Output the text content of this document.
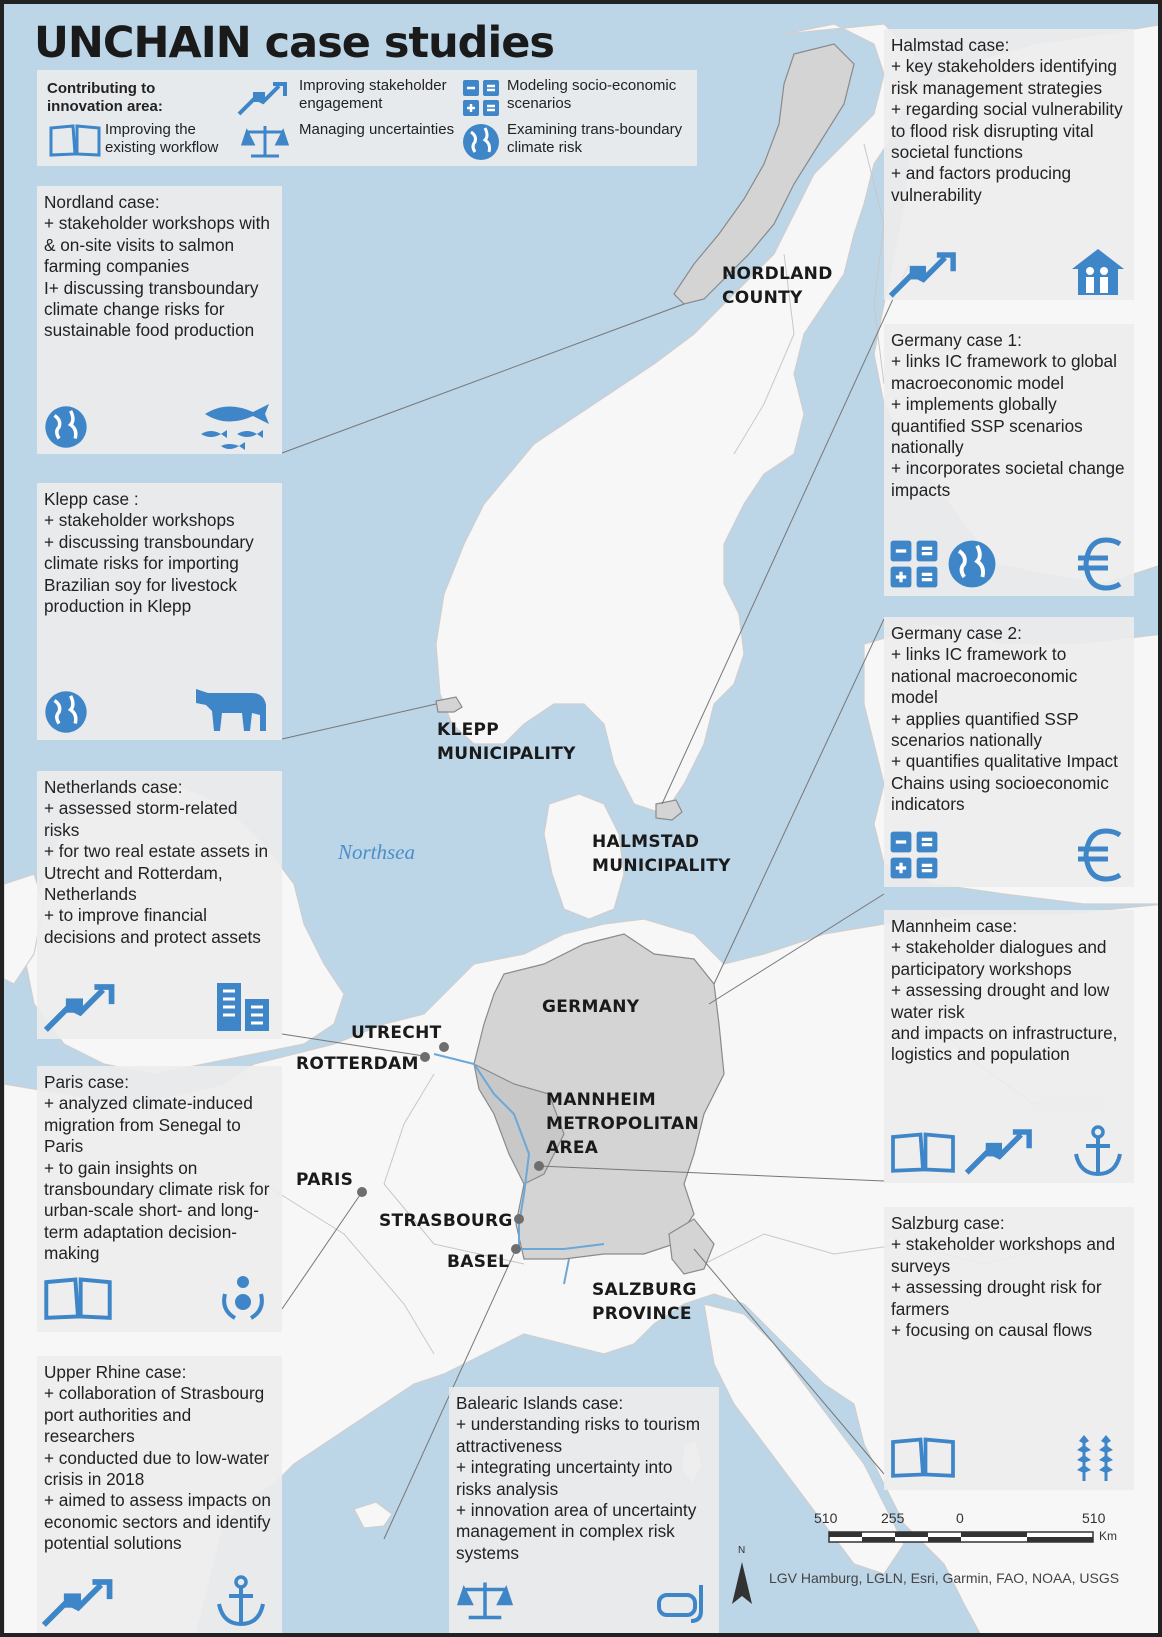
UNCHAIN case studies
Contributing to innovation area:
Improving the existing workflow
Improving stakeholder engagement
Managing uncertainties
Modeling socio-economic scenarios
Examining trans-boundary climate risk
Nordland case:
+ stakeholder workshops with & on-site visits to salmon farming companies
I+ discussing transboundary climate change risks for sustainable food production
Klepp case :
+ stakeholder workshops
+ discussing transboundary climate risks for importing Brazilian soy for livestock production in Klepp
Netherlands case:
+ assessed storm-related risks
+ for two real estate assets in Utrecht and Rotterdam, Netherlands
+ to improve financial decisions and protect assets
Paris case:
+ analyzed climate-induced migration from Senegal to Paris
+ to gain insights on transboundary climate risk for urban-scale short- and long-term adaptation decision-making
Upper Rhine case:
+ collaboration of Strasbourg port authorities and researchers
+ conducted due to low-water crisis in 2018
+ aimed to assess impacts on economic sectors and identify potential solutions
Balearic Islands case:
+ understanding risks to tourism attractiveness
+ integrating uncertainty into risks analysis
+ innovation area of uncertainty management in complex risk systems
Halmstad case:
+ key stakeholders identifying risk management strategies
+ regarding social vulnerability to flood risk disrupting vital societal functions
+ and factors producing vulnerability
Germany case 1:
+ links IC framework to global macroeconomic model
+ implements globally quantified SSP scenarios nationally
+ incorporates societal change impacts
Germany case 2:
+ links IC framework to national macroeconomic model
+ applies quantified SSP scenarios nationally
+ quantifies qualitative Impact Chains using socioeconomic indicators
Mannheim case:
+ stakeholder dialogues and participatory workshops
+ assessing drought and low water risk
and impacts on infrastructure, logistics and population
Salzburg case:
+ stakeholder workshops and surveys
+ assessing drought risk for farmers
+ focusing on causal flows
NORDLAND
COUNTY
KLEPP
MUNICIPALITY
HALMSTAD
MUNICIPALITY
GERMANY
UTRECHT
ROTTERDAM
MANNHEIM
METROPOLITAN
AREA
PARIS
STRASBOURG
BASEL
SALZBURG
PROVINCE
Northsea
510	255	0	510
Km
N
LGV Hamburg, LGLN, Esri, Garmin, FAO, NOAA, USGS
